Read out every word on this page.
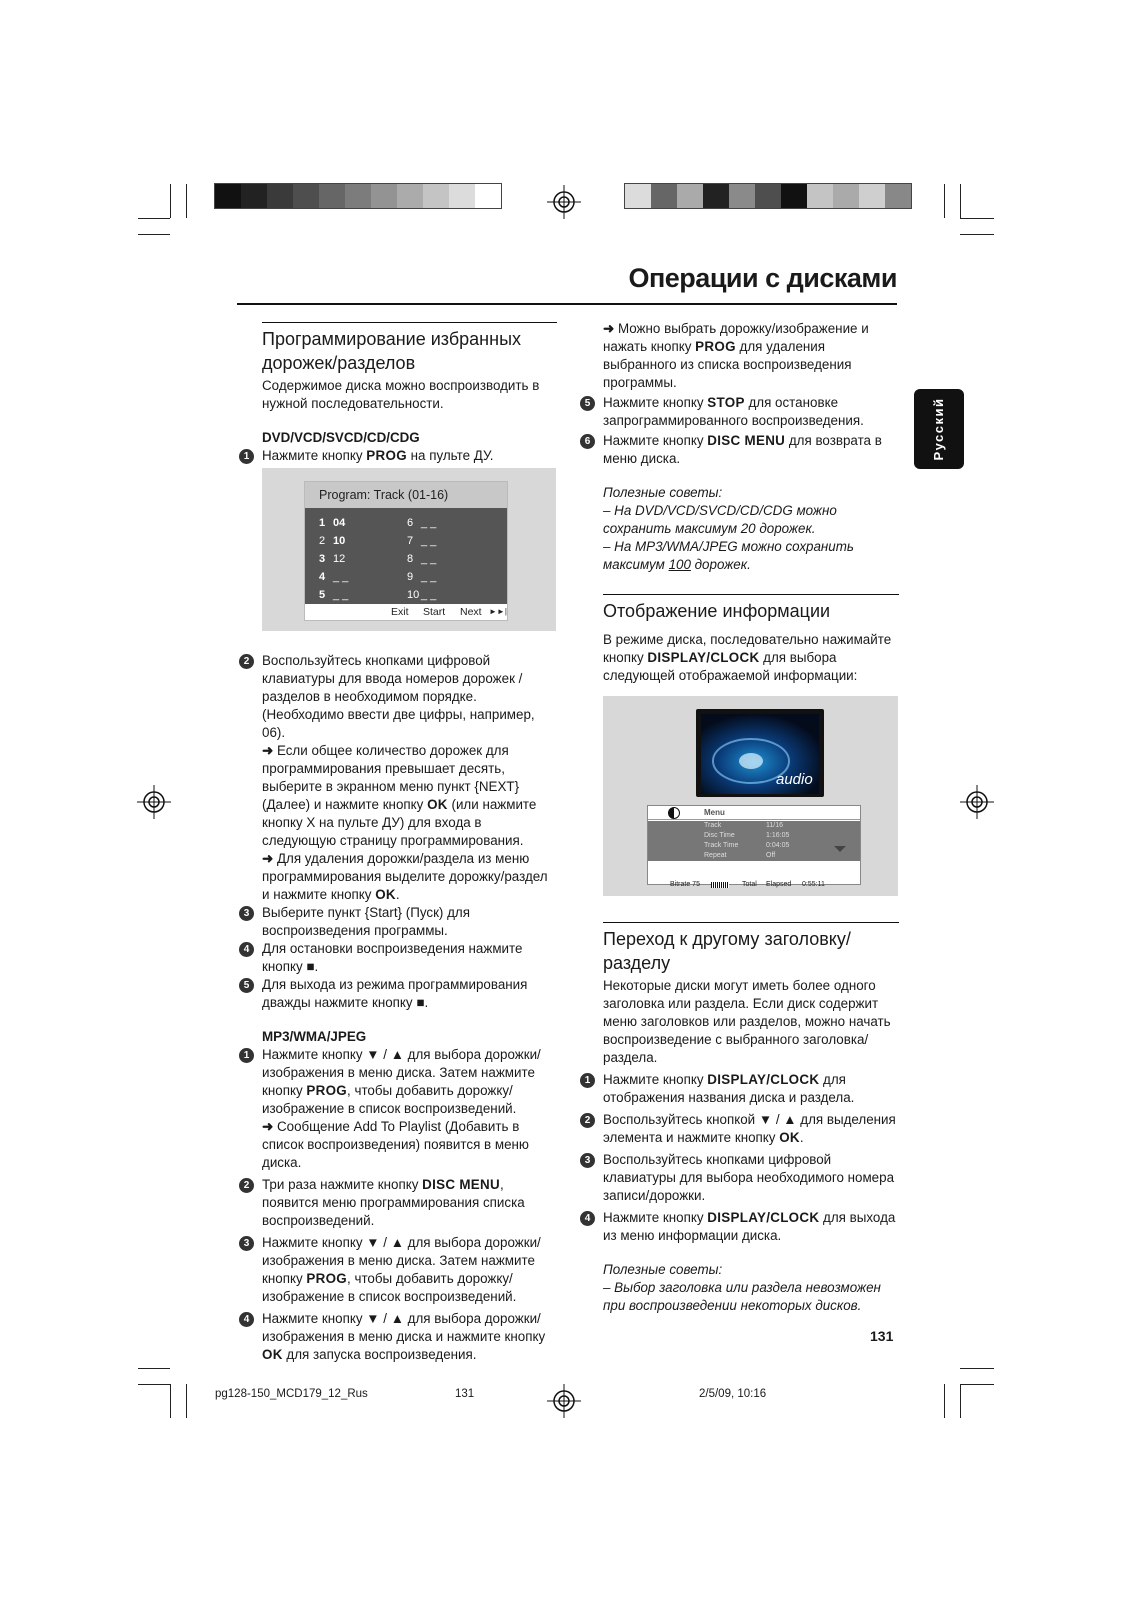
Операции с дисками
Русский
Программирование избранных
дорожек/разделов

Содержимое диска можно воспроизводить в нужной последовательности.

DVD/VCD/SVCD/CD/CDG
1 Нажмите кнопку PROG на пульте ДУ.
Program: Track (01-16)
1 04
2 10
3 12
4 _ _
5 _ _
6 _ _
7 _ _
8 _ _
9 _ _
10 _ _
Exit Start Next ►►|
2 Воспользуйтесь кнопками цифровой клавиатуры для ввода номеров дорожек /разделов в необходимом порядке. (Необходимо ввести две цифры, например, 06).
➜ Если общее количество дорожек для программирования превышает десять, выберите в экранном меню пункт {NEXT} (Далее) и нажмите кнопку OK (или нажмите кнопку X на пульте ДУ) для входа в следующую страницу программирования.
➜ Для удаления дорожки/раздела из меню программирования выделите дорожку/раздел и нажмите кнопку OK.
3 Выберите пункт {Start} (Пуск) для воспроизведения программы.
4 Для остановки воспроизведения нажмите кнопку ■.
5 Для выхода из режима программирования дважды нажмите кнопку ■.
MP3/WMA/JPEG
1 Нажмите кнопку ▼ / ▲ для выбора дорожки/ изображения в меню диска. Затем нажмите кнопку PROG, чтобы добавить дорожку/ изображение в список воспроизведений.
➜ Сообщение Add To Playlist (Добавить в список воспроизведения) появится в меню диска.
2 Три раза нажмите кнопку DISC MENU, появится меню программирования списка воспроизведений.
3 Нажмите кнопку ▼ / ▲ для выбора дорожки/ изображения в меню диска. Затем нажмите кнопку PROG, чтобы добавить дорожку/ изображение в список воспроизведений.
4 Нажмите кнопку ▼ / ▲ для выбора дорожки/ изображения в меню диска и нажмите кнопку OK для запуска воспроизведения.
➜ Можно выбрать дорожку/изображение и нажать кнопку PROG для удаления выбранного из списка воспроизведения программы.
5 Нажмите кнопку STOP для остановке запрограммированного воспроизведения.
6 Нажмите кнопку DISC MENU для возврата в меню диска.
Полезные советы:
– На DVD/VCD/SVCD/CD/CDG можно сохранить максимум 20 дорожек.
– На MP3/WMA/JPEG можно сохранить максимум 100 дорожек.
Отображение информации

В режиме диска, последовательно нажимайте кнопку DISPLAY/CLOCK для выбора следующей отображаемой информации:

audio
Menu
Track	11/16
Disc Time	1:16:05
Track Time	0:04:05
Repeat	Off
Bitrate 75	Total Elapsed 0:55:11
Переход к другому заголовку/
разделу

Некоторые диски могут иметь более одного заголовка или раздела. Если диск содержит меню заголовков или разделов, можно начать воспроизведение с выбранного заголовка/раздела.

1 Нажмите кнопку DISPLAY/CLOCK для отображения названия диска и раздела.
2 Воспользуйтесь кнопкой ▼ / ▲ для выделения элемента и нажмите кнопку OK.
3 Воспользуйтесь кнопками цифровой клавиатуры для выбора необходимого номера записи/дорожки.
4 Нажмите кнопку DISPLAY/CLOCK для выхода из меню информации диска.
Полезные советы:
– Выбор заголовка или раздела невозможен при воспроизведении некоторых дисков.
131
pg128-150_MCD179_12_Rus	131	2/5/09, 10:16
